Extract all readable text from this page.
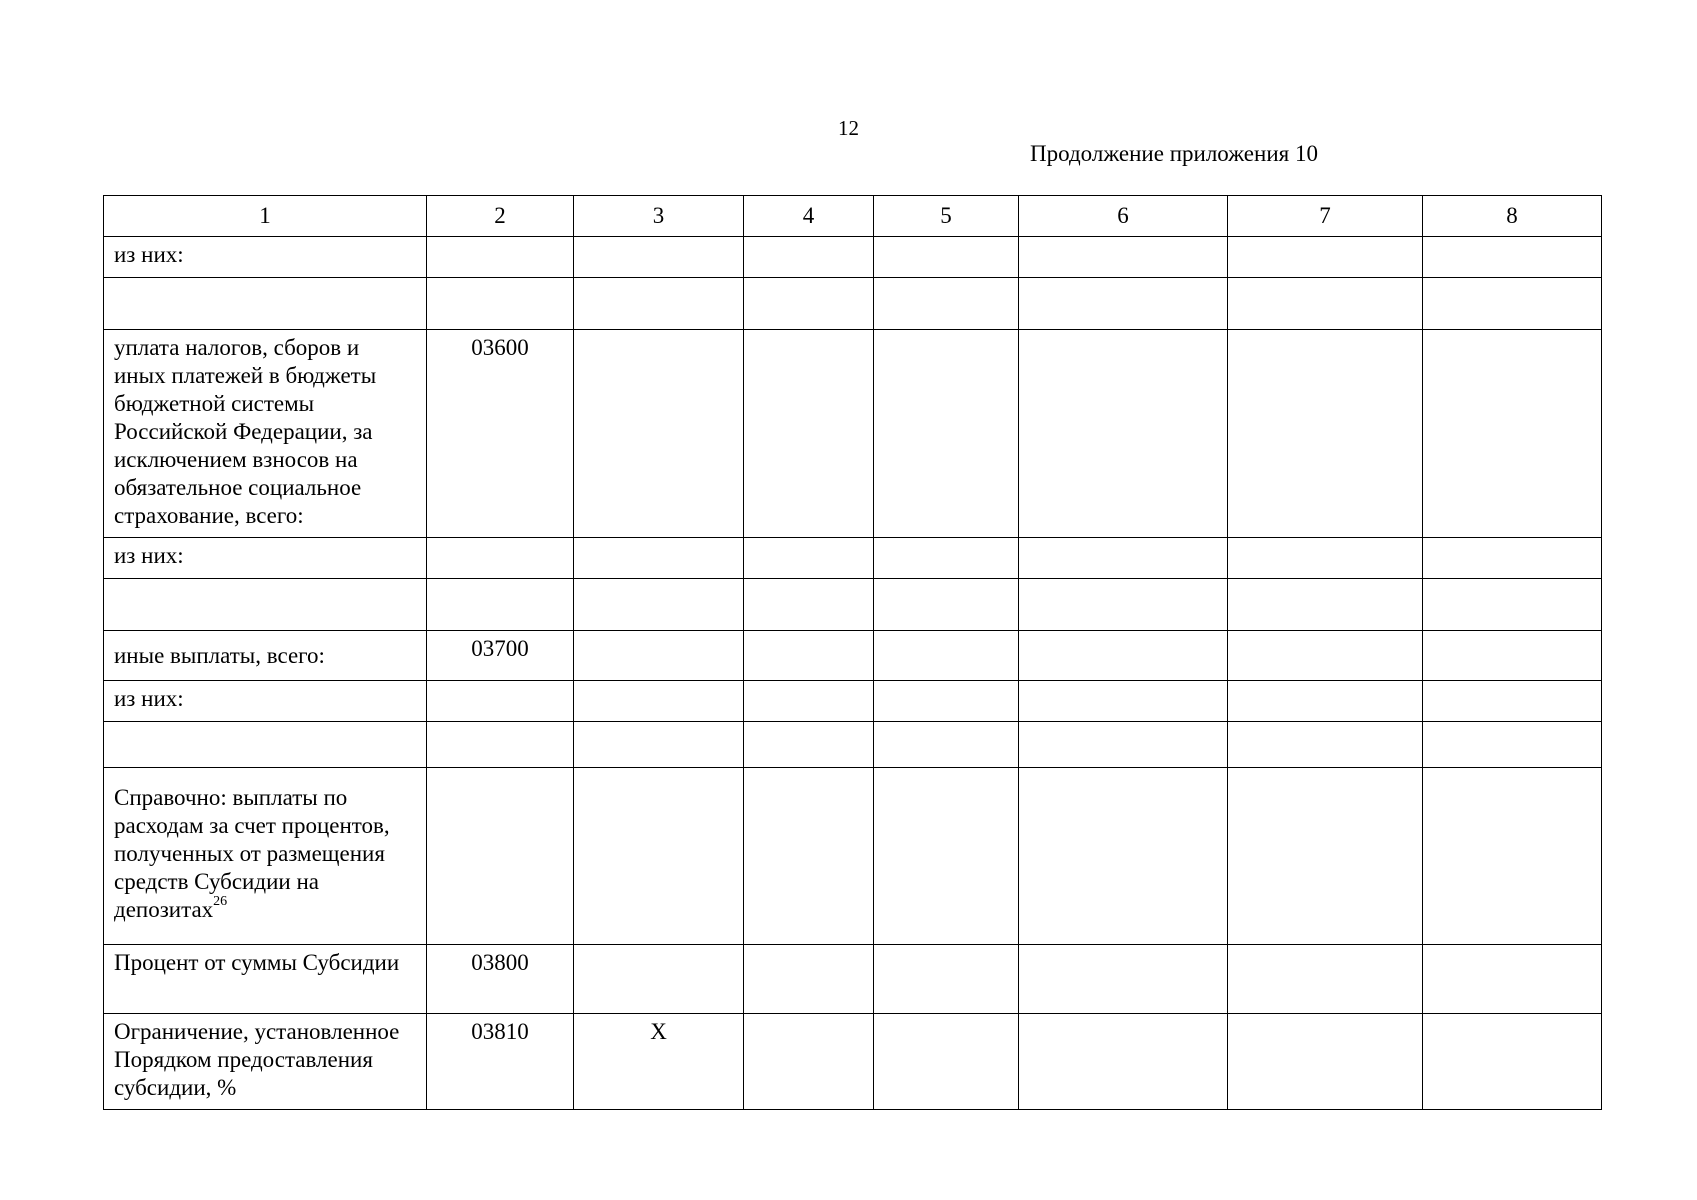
12
Продолжение приложения 10
1	2	3	4	5	6	7	8
из них:							

уплата налогов, сборов и иных платежей в бюджеты бюджетной системы Российской Федерации, за исключением взносов на обязательное социальное страхование, всего:	03600						
из них:							

иные выплаты, всего:	03700						
из них:							

Справочно: выплаты по расходам за счет процентов, полученных от размещения средств Субсидии на депозитах$^{26}$							
Процент от суммы Субсидии	03800						
Ограничение, установленное Порядком предоставления субсидии, %	03810	X					
